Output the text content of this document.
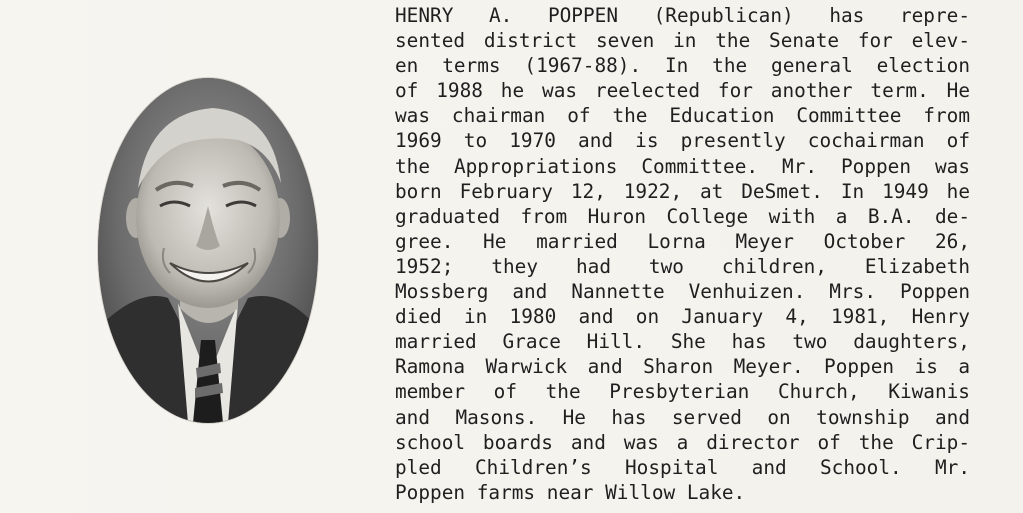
HENRY A. POPPEN (Republican) has repre-
sented district seven in the Senate for elev-
en terms (1967-88). In the general election
of 1988 he was reelected for another term. He
was chairman of the Education Committee from
1969 to 1970 and is presently cochairman of
the Appropriations Committee. Mr. Poppen was
born February 12, 1922, at DeSmet. In 1949 he
graduated from Huron College with a B.A. de-
gree. He married Lorna Meyer October 26,
1952; they had two children, Elizabeth
Mossberg and Nannette Venhuizen. Mrs. Poppen
died in 1980 and on January 4, 1981, Henry
married Grace Hill. She has two daughters,
Ramona Warwick and Sharon Meyer. Poppen is a
member of the Presbyterian Church, Kiwanis
and Masons. He has served on township and
school boards and was a director of the Crip-
pled Children’s Hospital and School. Mr.
Poppen farms near Willow Lake.
